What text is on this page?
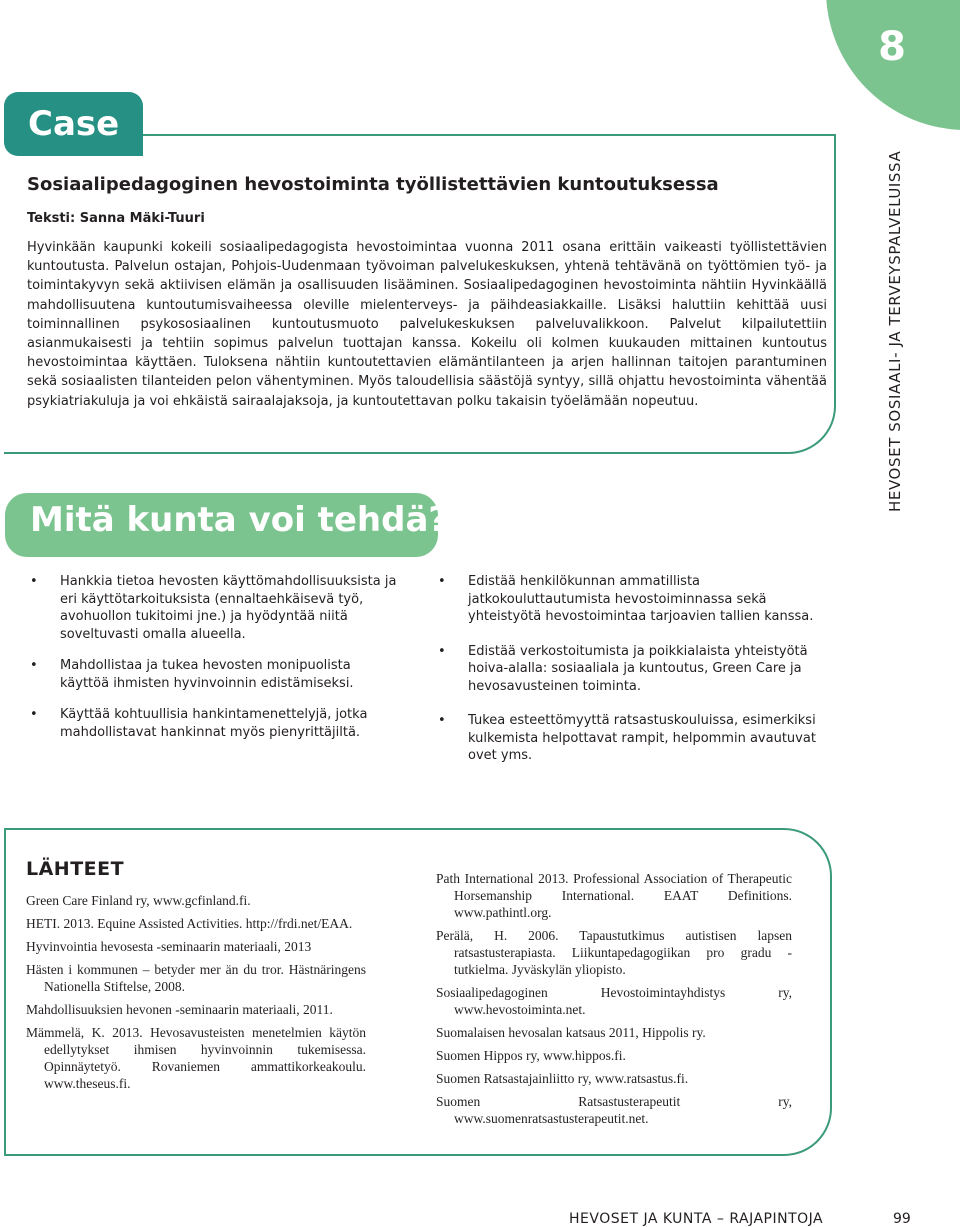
8
HEVOSET SOSIAALI- JA TERVEYSPALVELUISSA
Case
Sosiaalipedagoginen hevostoiminta työllistettävien kuntoutuksessa
Teksti: Sanna Mäki-Tuuri

Hyvinkään kaupunki kokeili sosiaalipedagogista hevostoimintaa vuonna 2011 osana erittäin vaikeasti työllistettävien kuntoutusta. Palvelun ostajan, Pohjois-Uudenmaan työvoiman palvelukeskuksen, yhtenä tehtävänä on työttömien työ- ja toimintakyvyn sekä aktiivisen elämän ja osallisuuden lisääminen. Sosiaalipedagoginen hevostoiminta nähtiin Hyvinkäällä mahdollisuutena kuntoutumisvaiheessa oleville mielenterveys- ja päihdeasiakkaille. Lisäksi haluttiin kehittää uusi toiminnallinen psykososiaalinen kuntoutusmuoto palvelukeskuksen palveluvalikkoon. Palvelut kilpailutettiin asianmukaisesti ja tehtiin sopimus palvelun tuottajan kanssa. Kokeilu oli kolmen kuukauden mittainen kuntoutus hevostoimintaa käyttäen. Tuloksena nähtiin kuntoutettavien elämäntilanteen ja arjen hallinnan taitojen parantuminen sekä sosiaalisten tilanteiden pelon vähentyminen. Myös taloudellisia säästöjä syntyy, sillä ohjattu hevostoiminta vähentää psykiatriakuluja ja voi ehkäistä sairaalajaksoja, ja kuntoutettavan polku takaisin työelämään nopeutuu.

Mitä kunta voi tehdä?
• Hankkia tietoa hevosten käyttömahdollisuuksista ja eri käyttötarkoituksista (ennaltaehkäisevä työ, avohuollon tukitoimi jne.) ja hyödyntää niitä soveltuvasti omalla alueella.
• Mahdollistaa ja tukea hevosten monipuolista käyttöä ihmisten hyvinvoinnin edistämiseksi.
• Käyttää kohtuullisia hankintamenettelyjä, jotka mahdollistavat hankinnat myös pienyrittäjiltä.
• Edistää henkilökunnan ammatillista jatkokouluttautumista hevostoiminnassa sekä yhteistyötä hevostoimintaa tarjoavien tallien kanssa.
• Edistää verkostoitumista ja poikkialaista yhteistyötä hoiva-alalla: sosiaaliala ja kuntoutus, Green Care ja hevosavusteinen toiminta.
• Tukea esteettömyyttä ratsastuskouluissa, esimerkiksi kulkemista helpottavat rampit, helpommin avautuvat ovet yms.
LÄHTEET
Green Care Finland ry, www.gcfinland.fi.
HETI. 2013. Equine Assisted Activities. http://frdi.net/EAA.
Hyvinvointia hevosesta -seminaarin materiaali, 2013
Hästen i kommunen – betyder mer än du tror. Hästnäringens Nationella Stiftelse, 2008.
Mahdollisuuksien hevonen -seminaarin materiaali, 2011.
Mämmelä, K. 2013. Hevosavusteisten menetelmien käytön edellytykset ihmisen hyvinvoinnin tukemisessa. Opinnäytetyö. Rovaniemen ammattikorkeakoulu. www.theseus.fi.
Path International 2013. Professional Association of Therapeutic Horsemanship International. EAAT Definitions. www.pathintl.org.
Perälä, H. 2006. Tapaustutkimus autistisen lapsen ratsastusterapiasta. Liikuntapedagogiikan pro gradu -tutkielma. Jyväskylän yliopisto.
Sosiaalipedagoginen Hevostoimintayhdistys ry, www.hevostoiminta.net.
Suomalaisen hevosalan katsaus 2011, Hippolis ry.
Suomen Hippos ry, www.hippos.fi.
Suomen Ratsastajainliitto ry, www.ratsastus.fi.
Suomen Ratsastusterapeutit ry, www.suomenratsastusterapeutit.net.
HEVOSET JA KUNTA – RAJAPINTOJA	99
